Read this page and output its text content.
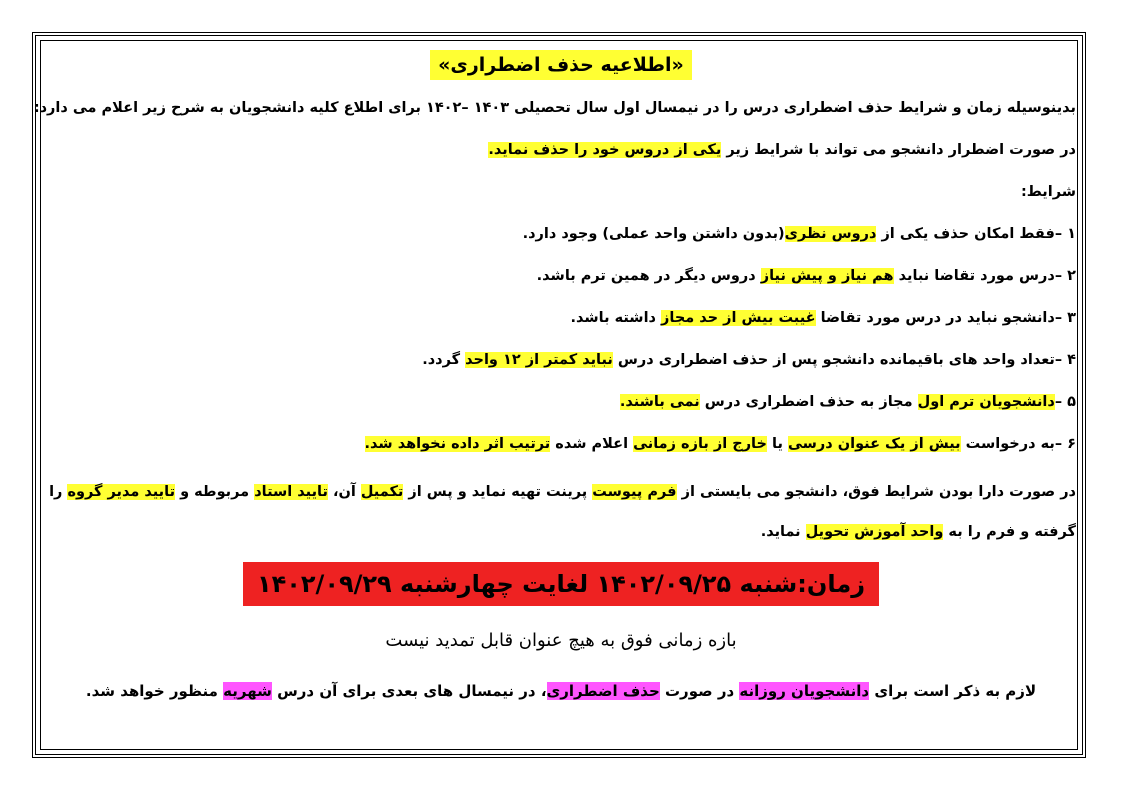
«اطلاعیه حذف اضطراری»
بدینوسیله زمان و شرایط حذف اضطراری درس را در نیمسال اول سال تحصیلی ۱۴۰۳ –۱۴۰۲ برای اطلاع کلیه دانشجویان به شرح زیر اعلام می دارد:
در صورت اضطرار دانشجو می تواند با شرایط زیر یکی از دروس خود را حذف نماید.
شرایط:
۱ –فقط امکان حذف یکی از دروس نظری(بدون داشتن واحد عملی) وجود دارد.
۲ –درس مورد تقاضا نباید هم نیاز و پیش نیاز دروس دیگر در همین ترم باشد.
۳ –دانشجو نباید در درس مورد تقاضا غیبت بیش از حد مجاز داشته باشد.
۴ –تعداد واحد های باقیمانده دانشجو پس از حذف اضطراری درس نباید کمتر از ۱۲ واحد گردد.
۵ –دانشجویان ترم اول مجاز به حذف اضطراری درس نمی باشند.
۶ –به درخواست بیش از یک عنوان درسی یا خارج از بازه زمانی اعلام شده ترتیب اثر داده نخواهد شد.
در صورت دارا بودن شرایط فوق، دانشجو می بایستی از فرم پیوست پرینت تهیه نماید و پس از تکمیل آن، تایید استاد مربوطه و تایید مدیر گروه را گرفته و فرم را به واحد آموزش تحویل نماید.
زمان:شنبه ۱۴۰۲/۰۹/۲۵ لغایت چهارشنبه ۱۴۰۲/۰۹/۲۹
بازه زمانی فوق به هیچ عنوان قابل تمدید نیست
لازم به ذکر است برای دانشجویان روزانه در صورت حذف اضطراری، در نیمسال های بعدی برای آن درس شهریه منظور خواهد شد.
